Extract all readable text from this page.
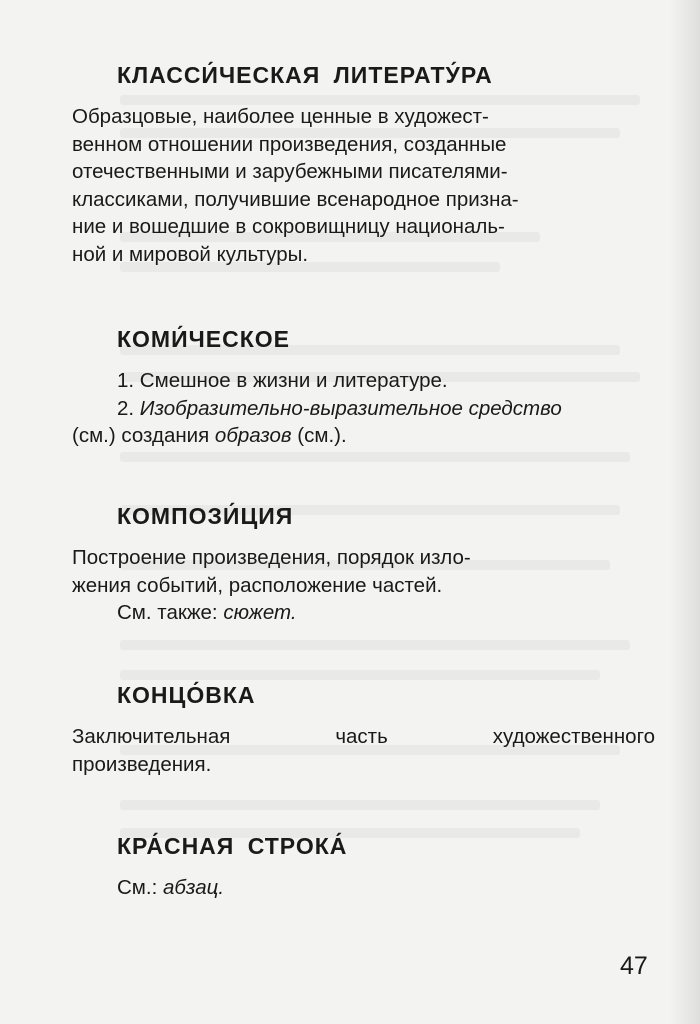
КЛАССИ́ЧЕСКАЯ ЛИТЕРАТУ́РА
Образцовые, наиболее ценные в художест-
венном отношении произведения, созданные
отечественными и зарубежными писателями-
классиками, получившие всенародное призна-
ние и вошедшие в сокровищницу националь-
ной и мировой культуры.
КОМИ́ЧЕСКОЕ
1. Смешное в жизни и литературе.
2. Изобразительно-выразительное средство
(см.) создания образов (см.).
КОМПОЗИ́ЦИЯ
Построение произведения, порядок изло-
жения событий, расположение частей.
См. также: сюжет.
КОНЦО́ВКА
Заключительная часть художественного
произведения.
КРА́СНАЯ СТРОКА́
См.: абзац.
47
